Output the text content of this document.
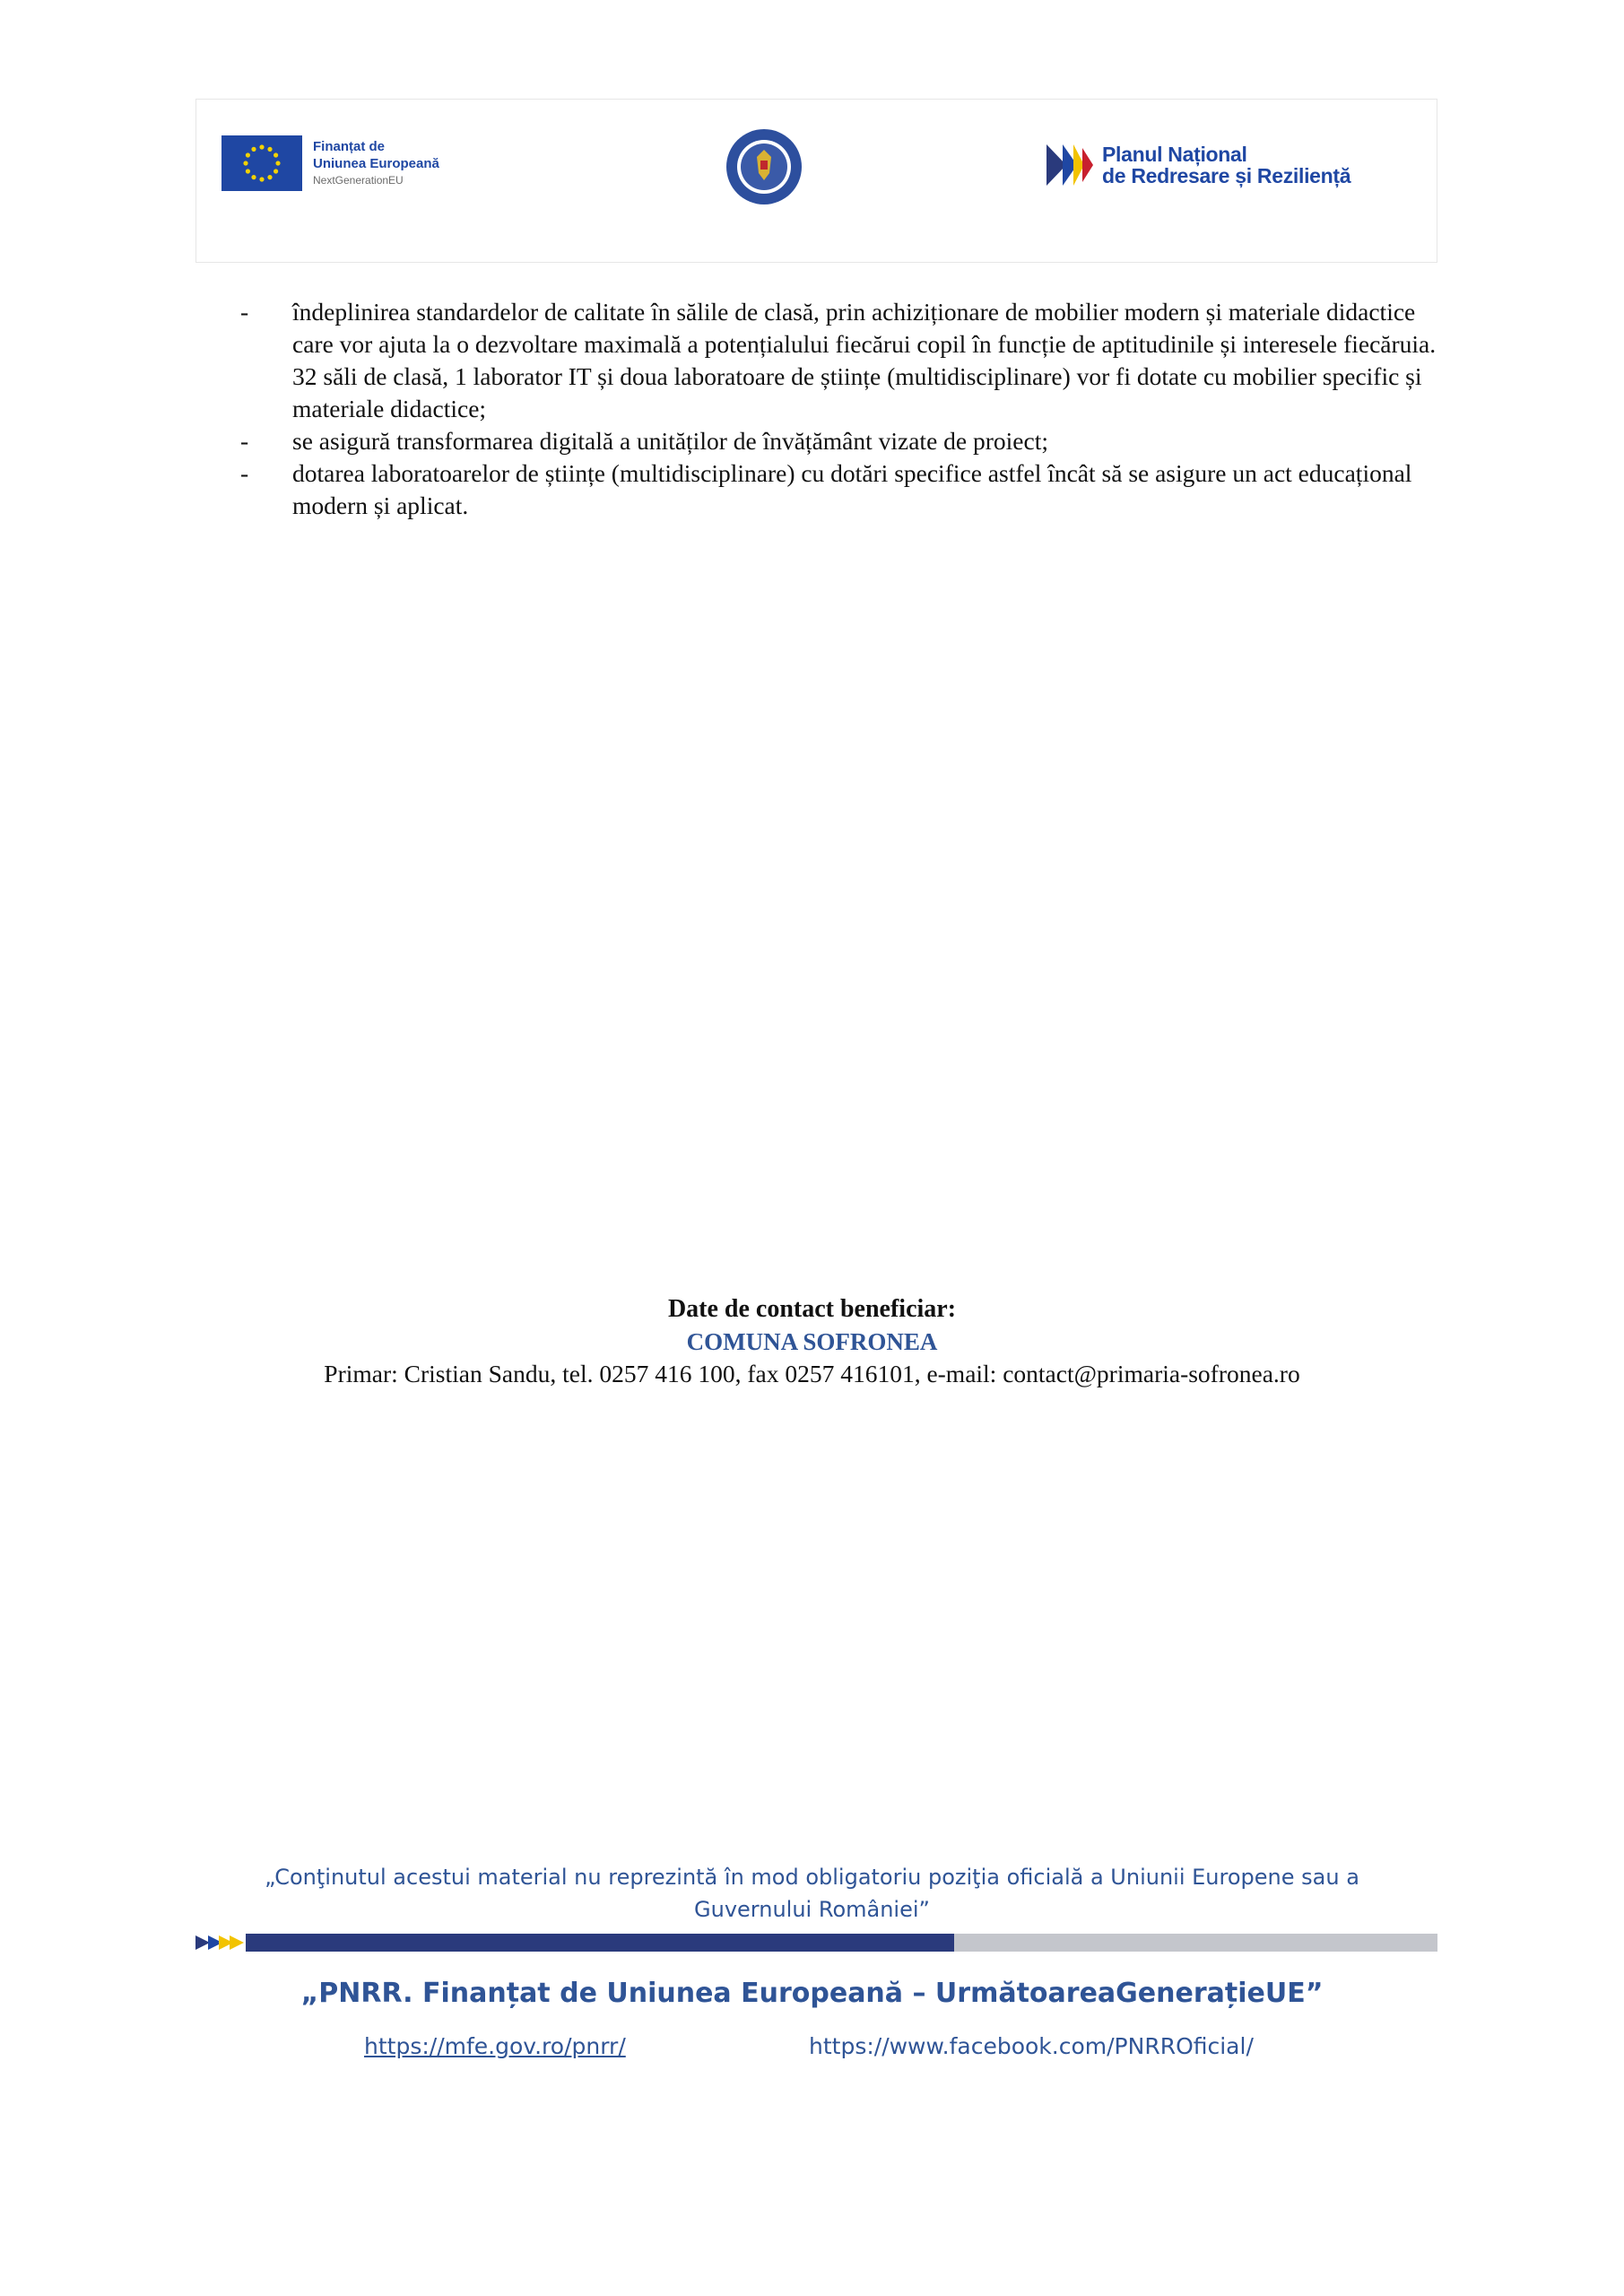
Finanțat de
Uniunea Europeană
NextGenerationEU
Planul Național
de Redresare și Reziliență
- îndeplinirea standardelor de calitate în sălile de clasă, prin achiziționare de mobilier modern și materiale didactice care vor ajuta la o dezvoltare maximală a potențialului fiecărui copil în funcție de aptitudinile și interesele fiecăruia. 32 săli de clasă, 1 laborator IT și doua laboratoare de științe (multidisciplinare) vor fi dotate cu mobilier specific și materiale didactice;
- se asigură transformarea digitală a unităților de învățământ vizate de proiect;
- dotarea laboratoarelor de științe (multidisciplinare) cu dotări specifice astfel încât să se asigure un act educațional modern și aplicat.
Date de contact beneficiar:
COMUNA SOFRONEA
Primar: Cristian Sandu, tel. 0257 416 100, fax 0257 416101, e-mail: contact@primaria-sofronea.ro
„Conţinutul acestui material nu reprezintă în mod obligatoriu poziţia oficială a Uniunii Europene sau a Guvernului României”
„PNRR. Finanțat de Uniunea Europeană – UrmătoareaGenerațieUE”
https://mfe.gov.ro/pnrr/	https://www.facebook.com/PNRROficial/
